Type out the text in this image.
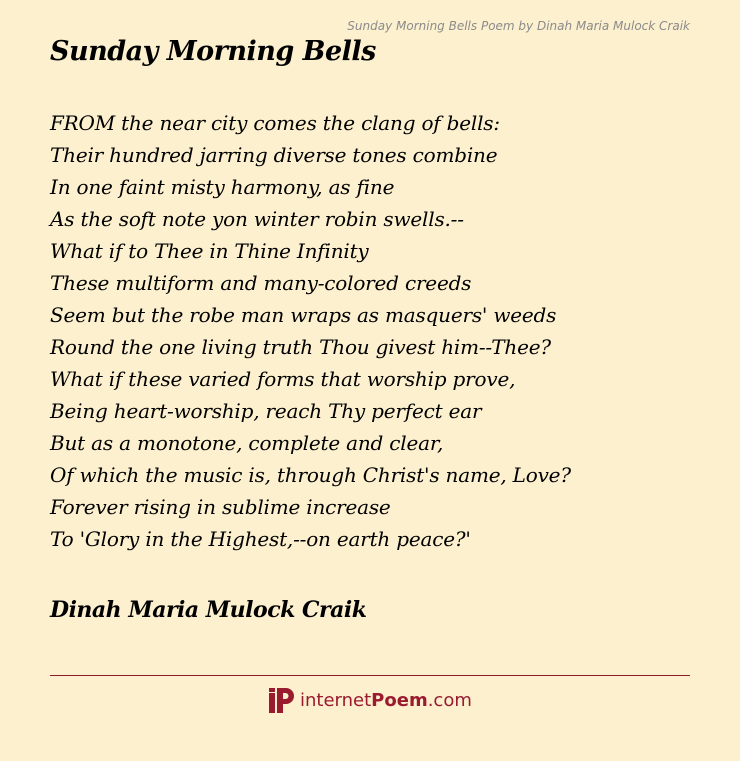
Sunday Morning Bells Poem by Dinah Maria Mulock Craik
Sunday Morning Bells
FROM the near city comes the clang of bells:
Their hundred jarring diverse tones combine
In one faint misty harmony, as fine
As the soft note yon winter robin swells.--
What if to Thee in Thine Infinity
These multiform and many-colored creeds
Seem but the robe man wraps as masquers' weeds
Round the one living truth Thou givest him--Thee?
What if these varied forms that worship prove,
Being heart-worship, reach Thy perfect ear
But as a monotone, complete and clear,
Of which the music is, through Christ's name, Love?
Forever rising in sublime increase
To 'Glory in the Highest,--on earth peace?'
Dinah Maria Mulock Craik
internetPoem.com
